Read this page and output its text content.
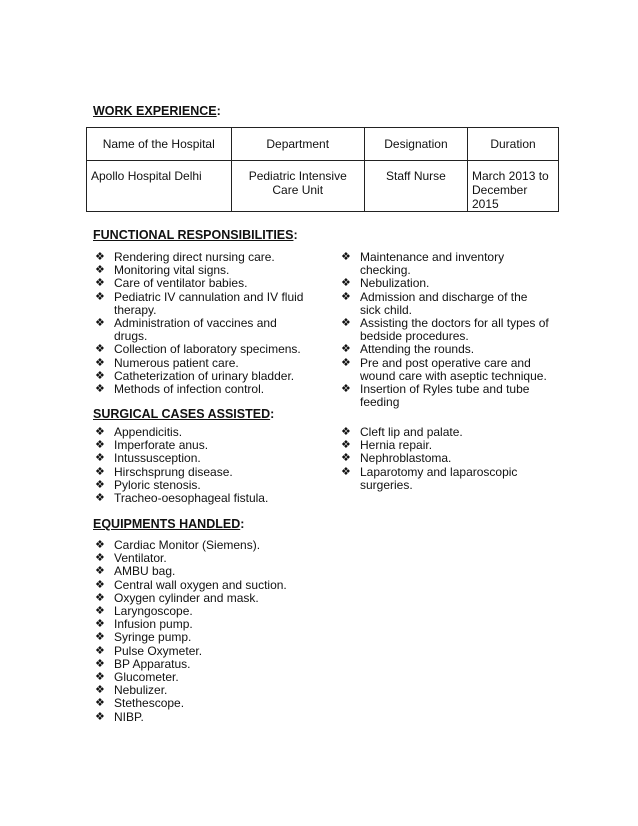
WORK EXPERIENCE:
Name of the Hospital	Department	Designation	Duration
Apollo Hospital Delhi	Pediatric Intensive Care Unit	Staff Nurse	March 2013 to December 2015
FUNCTIONAL RESPONSIBILITIES:
❖ Rendering direct nursing care.
❖ Monitoring vital signs.
❖ Care of ventilator babies.
❖ Pediatric IV cannulation and IV fluid therapy.
❖ Administration of vaccines and drugs.
❖ Collection of laboratory specimens.
❖ Numerous patient care.
❖ Catheterization of urinary bladder.
❖ Methods of infection control.
❖ Maintenance and inventory checking.
❖ Nebulization.
❖ Admission and discharge of the sick child.
❖ Assisting the doctors for all types of bedside procedures.
❖ Attending the rounds.
❖ Pre and post operative care and wound care with aseptic technique.
❖ Insertion of Ryles tube and tube feeding
SURGICAL CASES ASSISTED:
❖ Appendicitis.
❖ Imperforate anus.
❖ Intussusception.
❖ Hirschsprung disease.
❖ Pyloric stenosis.
❖ Tracheo-oesophageal fistula.
❖ Cleft lip and palate.
❖ Hernia repair.
❖ Nephroblastoma.
❖ Laparotomy and laparoscopic surgeries.
EQUIPMENTS HANDLED:
❖ Cardiac Monitor (Siemens).
❖ Ventilator.
❖ AMBU bag.
❖ Central wall oxygen and suction.
❖ Oxygen cylinder and mask.
❖ Laryngoscope.
❖ Infusion pump.
❖ Syringe pump.
❖ Pulse Oxymeter.
❖ BP Apparatus.
❖ Glucometer.
❖ Nebulizer.
❖ Stethescope.
❖ NIBP.
